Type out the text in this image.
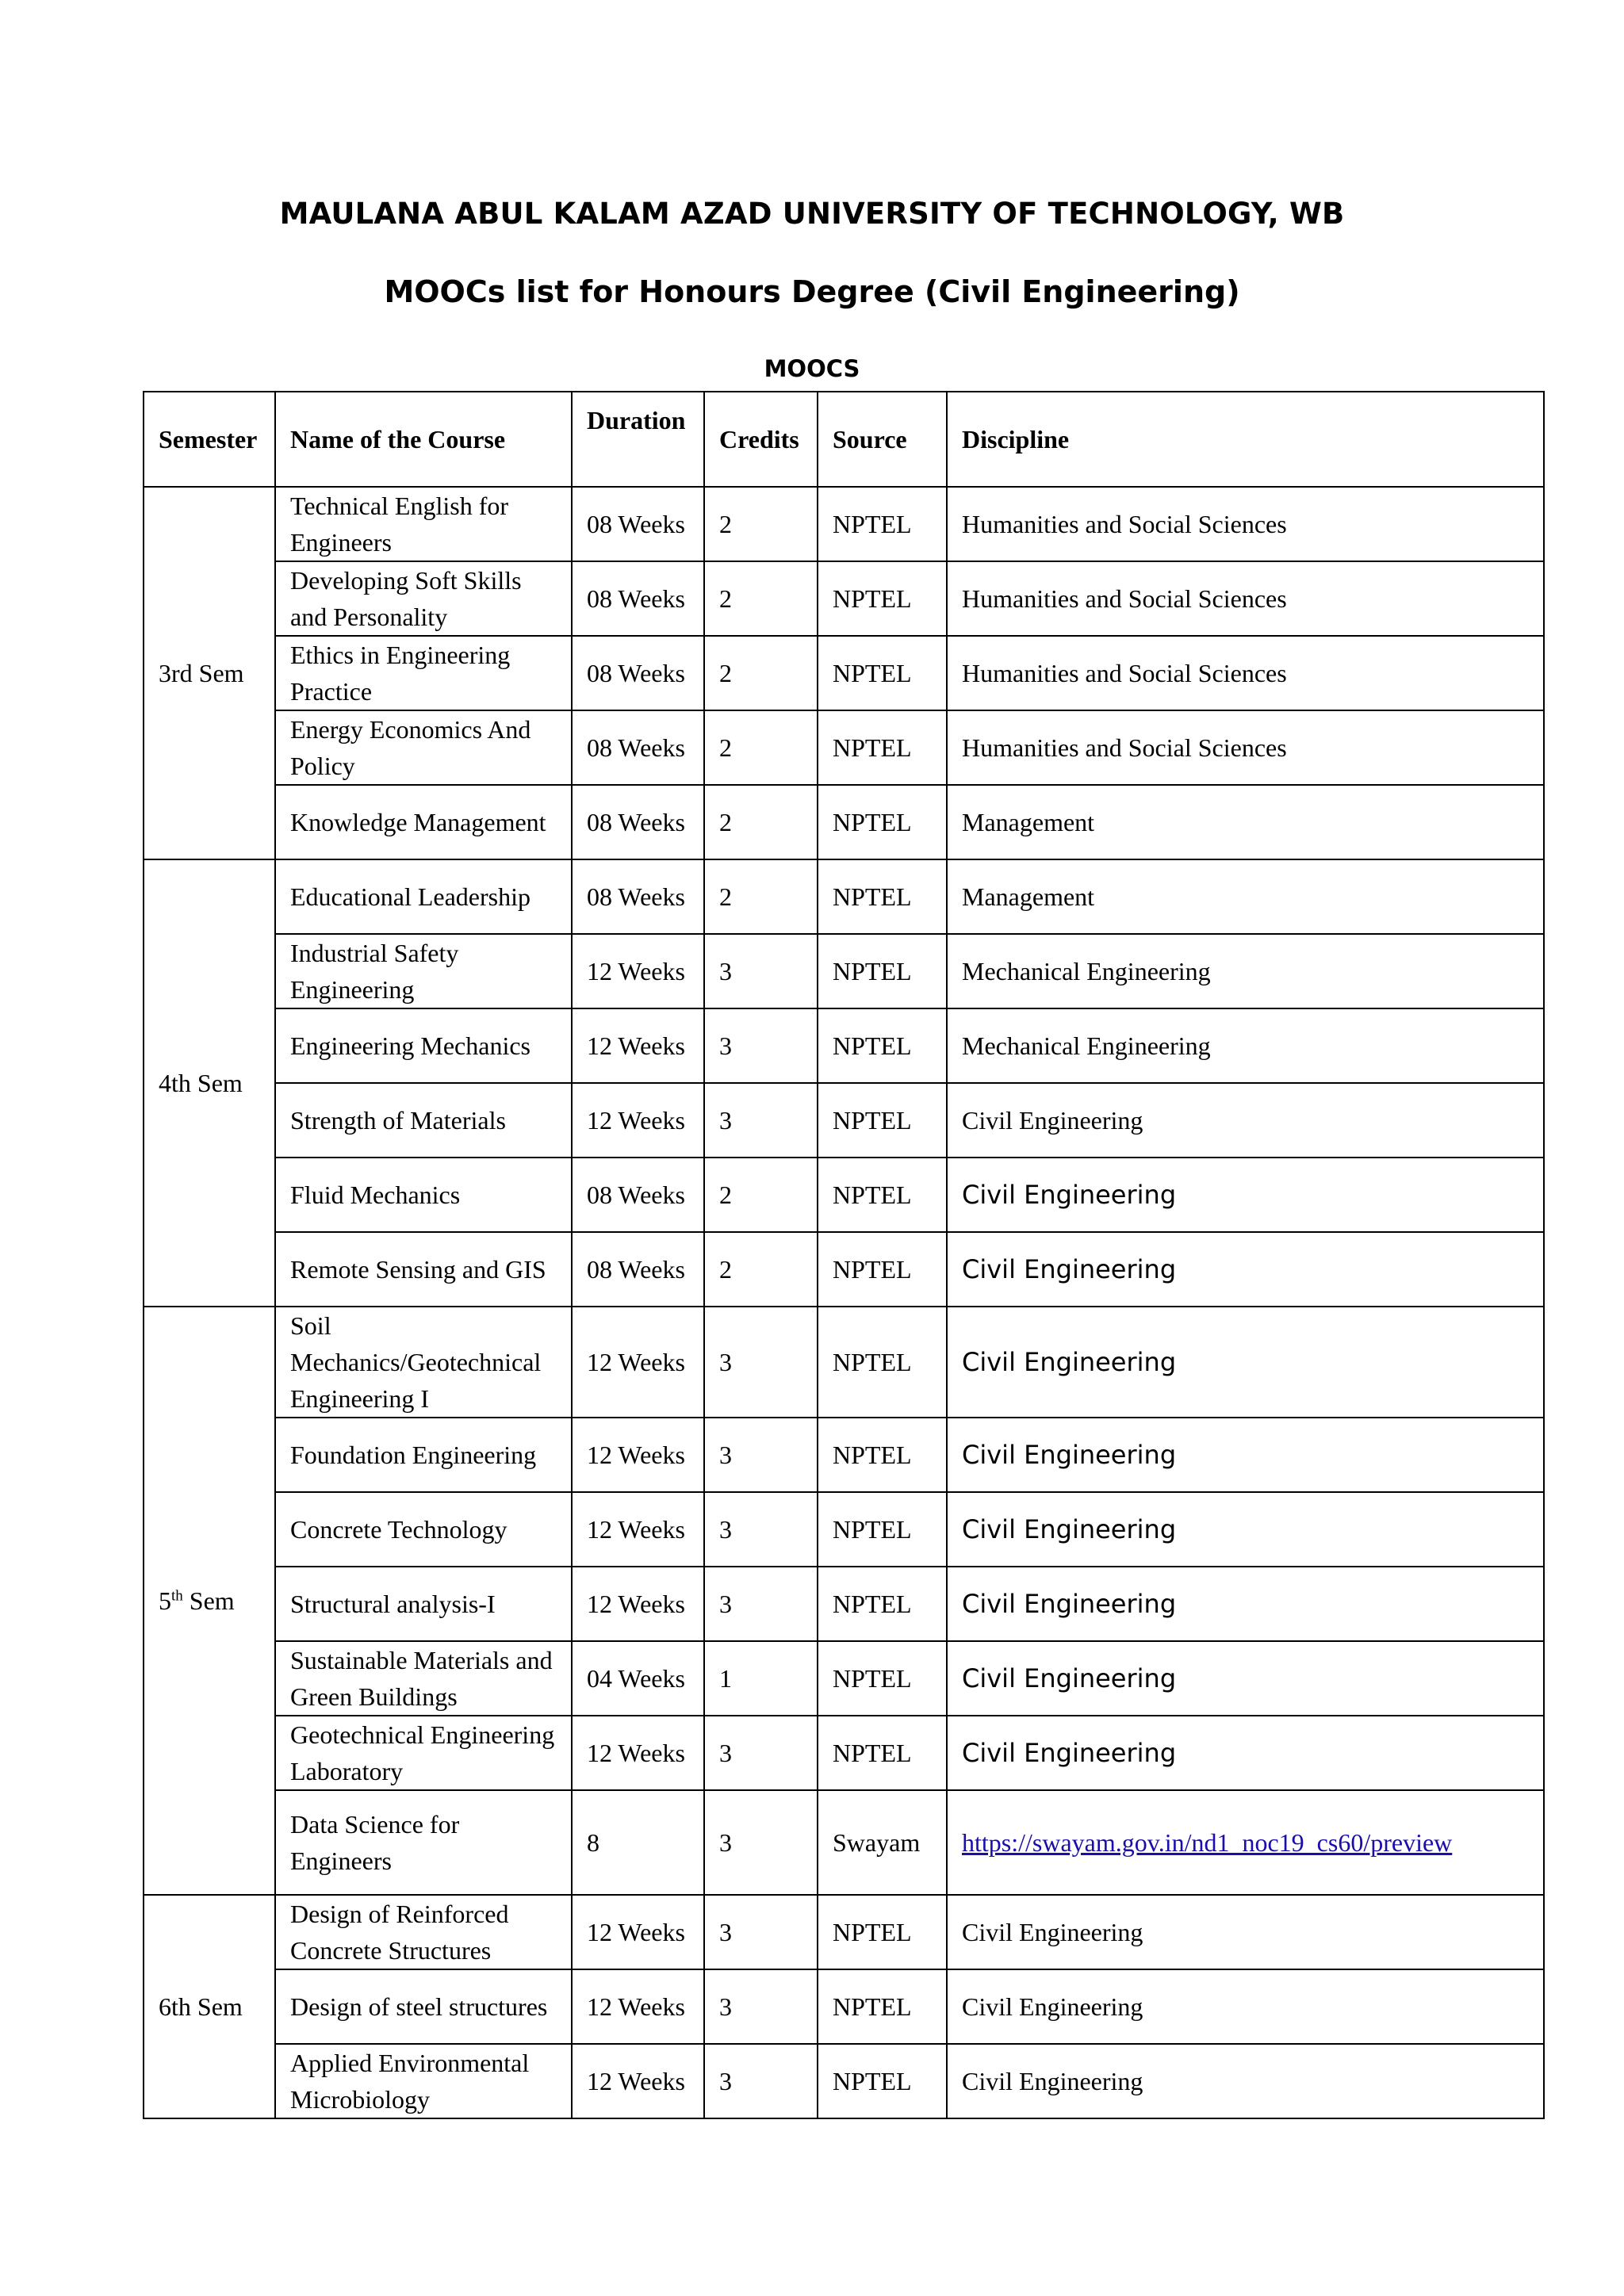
MAULANA ABUL KALAM AZAD UNIVERSITY OF TECHNOLOGY, WB
MOOCs list for Honours Degree (Civil Engineering)
MOOCS
Semester	Name of the Course	Duration	Credits	Source	Discipline
3rd Sem	Technical English for Engineers	08 Weeks	2	NPTEL	Humanities and Social Sciences
	Developing Soft Skills and Personality	08 Weeks	2	NPTEL	Humanities and Social Sciences
	Ethics in Engineering Practice	08 Weeks	2	NPTEL	Humanities and Social Sciences
	Energy Economics And Policy	08 Weeks	2	NPTEL	Humanities and Social Sciences
	Knowledge Management	08 Weeks	2	NPTEL	Management
4th Sem	Educational Leadership	08 Weeks	2	NPTEL	Management
	Industrial Safety Engineering	12 Weeks	3	NPTEL	Mechanical Engineering
	Engineering Mechanics	12 Weeks	3	NPTEL	Mechanical Engineering
	Strength of Materials	12 Weeks	3	NPTEL	Civil Engineering
	Fluid Mechanics	08 Weeks	2	NPTEL	Civil Engineering
	Remote Sensing and GIS	08 Weeks	2	NPTEL	Civil Engineering
5th Sem	Soil Mechanics/Geotechnical Engineering I	12 Weeks	3	NPTEL	Civil Engineering
	Foundation Engineering	12 Weeks	3	NPTEL	Civil Engineering
	Concrete Technology	12 Weeks	3	NPTEL	Civil Engineering
	Structural analysis-I	12 Weeks	3	NPTEL	Civil Engineering
	Sustainable Materials and Green Buildings	04 Weeks	1	NPTEL	Civil Engineering
	Geotechnical Engineering Laboratory	12 Weeks	3	NPTEL	Civil Engineering
	Data Science for Engineers	8	3	Swayam	https://swayam.gov.in/nd1_noc19_cs60/preview
6th Sem	Design of Reinforced Concrete Structures	12 Weeks	3	NPTEL	Civil Engineering
	Design of steel structures	12 Weeks	3	NPTEL	Civil Engineering
	Applied Environmental Microbiology	12 Weeks	3	NPTEL	Civil Engineering
